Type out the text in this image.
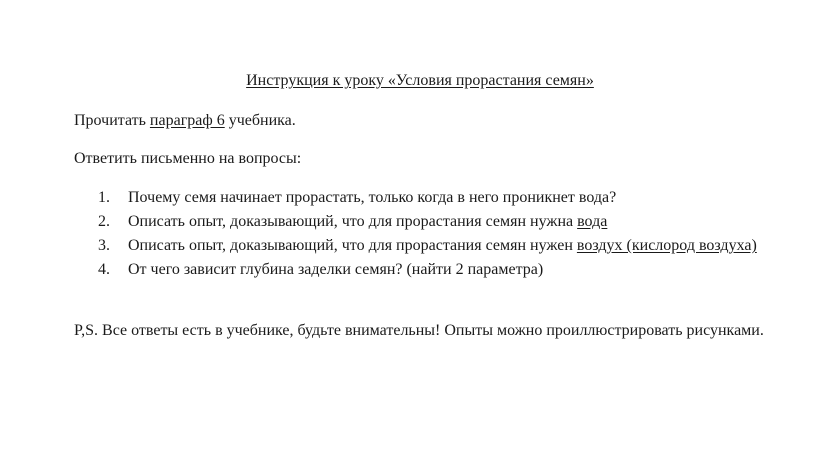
Инструкция к уроку «Условия прорастания семян»
Прочитать параграф 6 учебника.
Ответить письменно на вопросы:
1. Почему семя начинает прорастать, только когда в него проникнет вода?
2. Описать опыт, доказывающий, что для прорастания семян нужна вода
3. Описать опыт, доказывающий, что для прорастания семян нужен воздух (кислород воздуха)
4. От чего зависит глубина заделки семян? (найти 2 параметра)
P,S. Все ответы есть в учебнике, будьте внимательны! Опыты можно проиллюстрировать рисунками.
